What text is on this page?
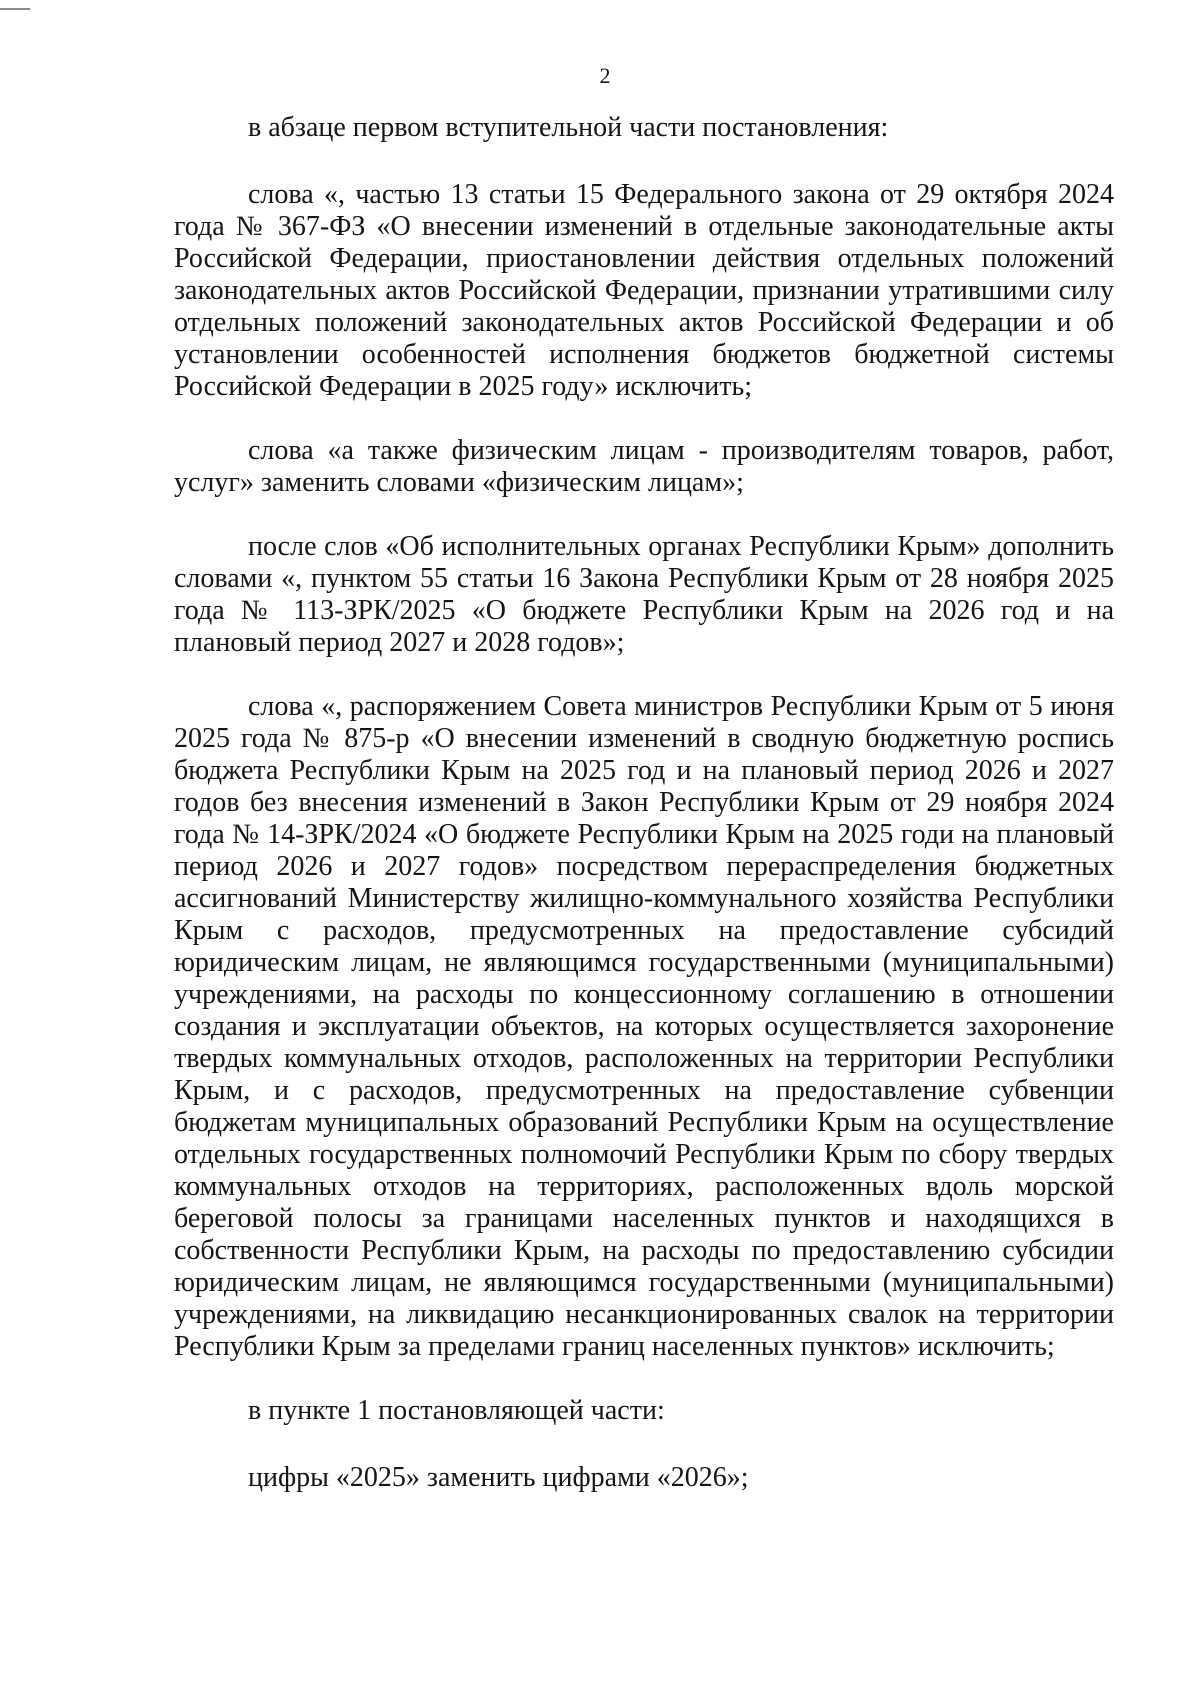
2

в абзаце первом вступительной части постановления:

слова «, частью 13 статьи 15 Федерального закона от 29 октября 2024 года № 367-ФЗ «О внесении изменений в отдельные законодательные акты Российской Федерации, приостановлении действия отдельных положений законодательных актов Российской Федерации, признании утратившими силу отдельных положений законодательных актов Российской Федерации и об установлении особенностей исполнения бюджетов бюджетной системы Российской Федерации в 2025 году» исключить;

слова «а также физическим лицам - производителям товаров, работ, услуг» заменить словами «физическим лицам»;

после слов «Об исполнительных органах Республики Крым» дополнить словами «, пунктом 55 статьи 16 Закона Республики Крым от 28 ноября 2025 года № 113-ЗРК/2025 «О бюджете Республики Крым на 2026 год и на плановый период 2027 и 2028 годов»;

слова «, распоряжением Совета министров Республики Крым от 5 июня 2025 года № 875-р «О внесении изменений в сводную бюджетную роспись бюджета Республики Крым на 2025 год и на плановый период 2026 и 2027 годов без внесения изменений в Закон Республики Крым от 29 ноября 2024 года № 14-ЗРК/2024 «О бюджете Республики Крым на 2025 годи на плановый период 2026 и 2027 годов» посредством перераспределения бюджетных ассигнований Министерству жилищно-коммунального хозяйства Республики Крым с расходов, предусмотренных на предоставление субсидий юридическим лицам, не являющимся государственными (муниципальными) учреждениями, на расходы по концессионному соглашению в отношении создания и эксплуатации объектов, на которых осуществляется захоронение твердых коммунальных отходов, расположенных на территории Республики Крым, и с расходов, предусмотренных на предоставление субвенции бюджетам муниципальных образований Республики Крым на осуществление отдельных государственных полномочий Республики Крым по сбору твердых коммунальных отходов на территориях, расположенных вдоль морской береговой полосы за границами населенных пунктов и находящихся в собственности Республики Крым, на расходы по предоставлению субсидии юридическим лицам, не являющимся государственными (муниципальными) учреждениями, на ликвидацию несанкционированных свалок на территории Республики Крым за пределами границ населенных пунктов» исключить;

в пункте 1 постановляющей части:

цифры «2025» заменить цифрами «2026»;
